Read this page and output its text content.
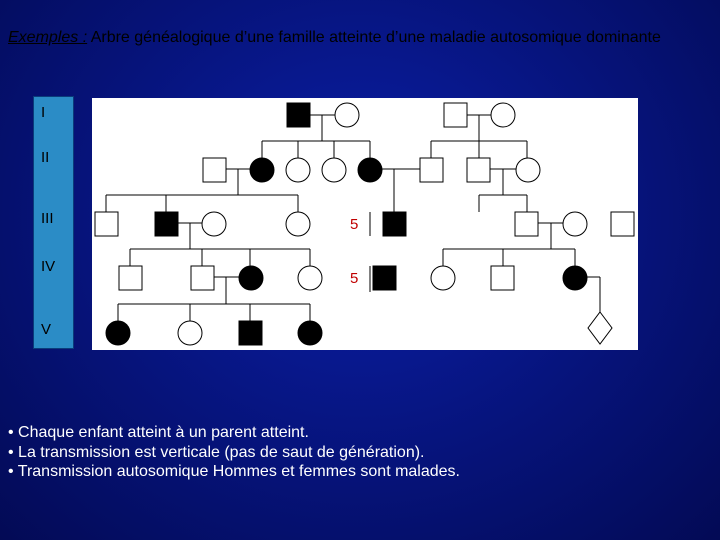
Exemples : Arbre généalogique d’une famille atteinte d’une maladie autosomique dominante
I
II
III
IV
V
5
5
• Chaque enfant atteint à un parent atteint.
• La transmission est verticale (pas de saut de génération).
• Transmission autosomique Hommes et femmes sont malades.
